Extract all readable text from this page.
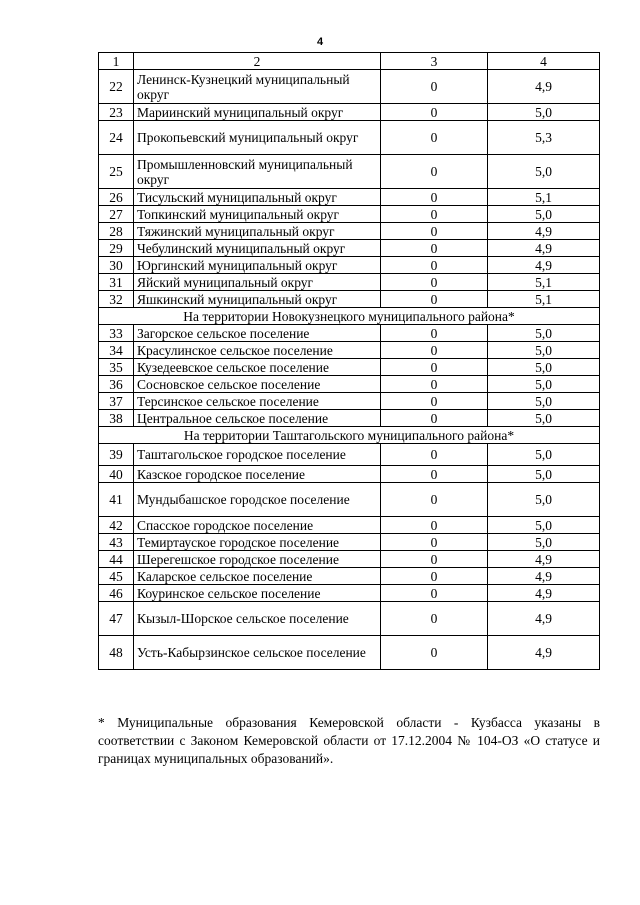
4
1	2	3	4
22	Ленинск-Кузнецкий муниципальный округ	0	4,9
23	Мариинский муниципальный округ	0	5,0
24	Прокопьевский муниципальный округ	0	5,3
25	Промышленновский муниципальный округ	0	5,0
26	Тисульский муниципальный округ	0	5,1
27	Топкинский муниципальный округ	0	5,0
28	Тяжинский муниципальный округ	0	4,9
29	Чебулинский муниципальный округ	0	4,9
30	Юргинский муниципальный округ	0	4,9
31	Яйский муниципальный округ	0	5,1
32	Яшкинский муниципальный округ	0	5,1
На территории Новокузнецкого муниципального района*			
33	Загорское сельское поселение	0	5,0
34	Красулинское сельское поселение	0	5,0
35	Кузедеевское сельское поселение	0	5,0
36	Сосновское сельское поселение	0	5,0
37	Терсинское сельское поселение	0	5,0
38	Центральное сельское поселение	0	5,0
На территории Таштагольского муниципального района*			
39	Таштагольское городское поселение	0	5,0
40	Казское городское поселение	0	5,0
41	Мундыбашское городское поселение	0	5,0
42	Спасское городское поселение	0	5,0
43	Темиртауское городское поселение	0	5,0
44	Шерегешское городское поселение	0	4,9
45	Каларское сельское поселение	0	4,9
46	Коуринское сельское поселение	0	4,9
47	Кызыл-Шорское сельское поселение	0	4,9
48	Усть-Кабырзинское сельское поселение	0	4,9
* Муниципальные образования Кемеровской области - Кузбасса указаны в соответствии с Законом Кемеровской области от 17.12.2004 № 104-ОЗ «О статусе и границах муниципальных образований».
